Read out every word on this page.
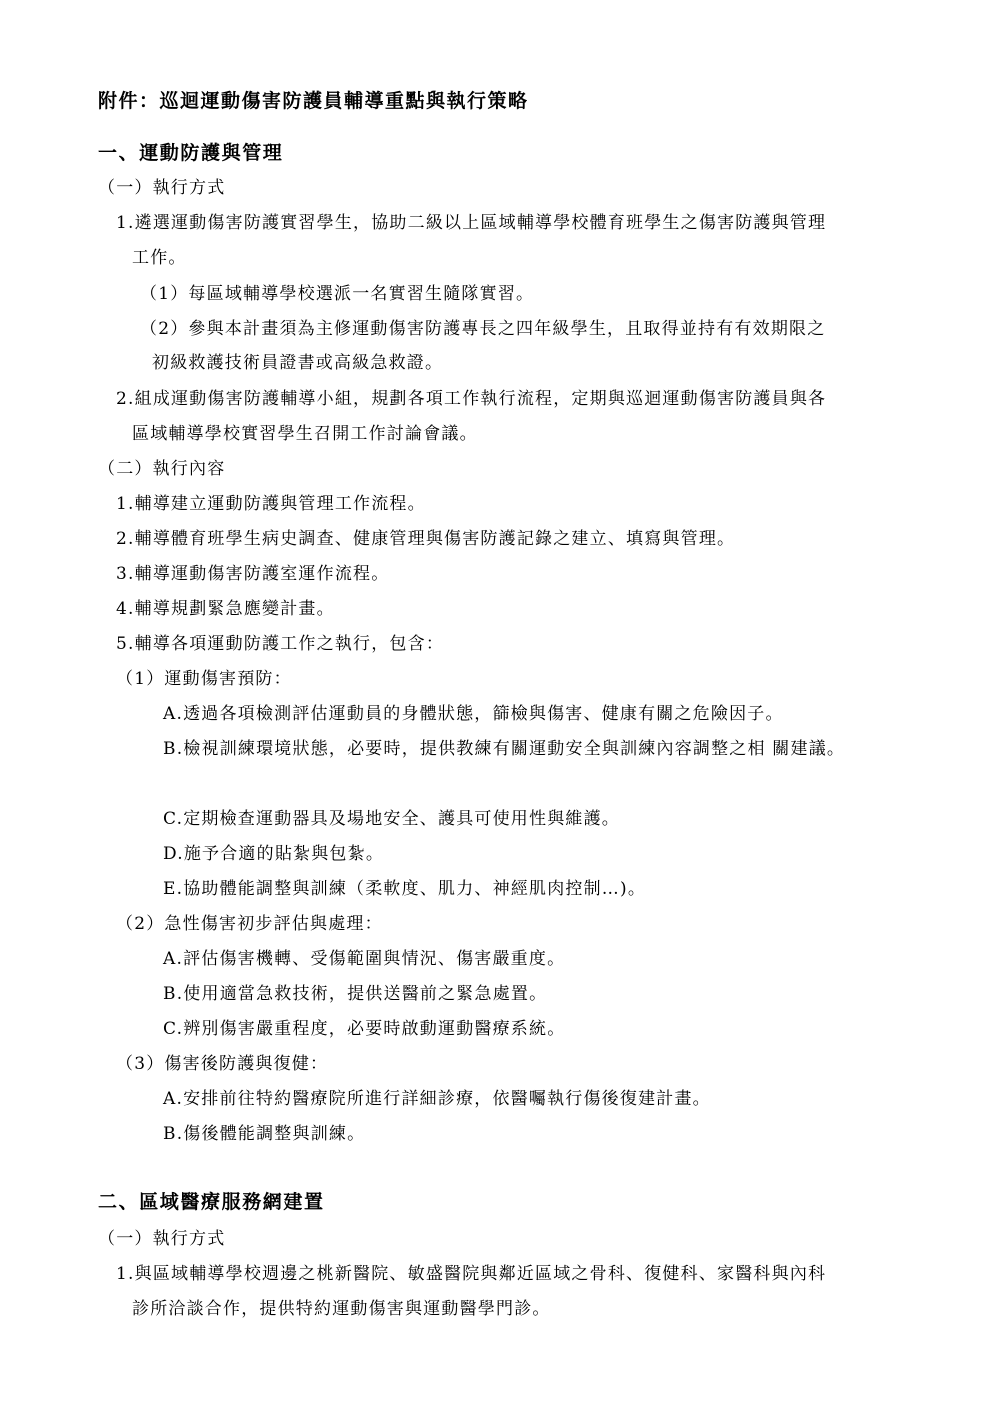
附件：巡迴運動傷害防護員輔導重點與執行策略
一、運動防護與管理
（一）執行方式
1.遴選運動傷害防護實習學生，協助二級以上區域輔導學校體育班學生之傷害防護與管理
工作。
（1）每區域輔導學校選派一名實習生隨隊實習。
（2）參與本計畫須為主修運動傷害防護專長之四年級學生，且取得並持有有效期限之
初級救護技術員證書或高級急救證。
2.組成運動傷害防護輔導小組，規劃各項工作執行流程，定期與巡迴運動傷害防護員與各
區域輔導學校實習學生召開工作討論會議。
（二）執行內容
1.輔導建立運動防護與管理工作流程。
2.輔導體育班學生病史調查、健康管理與傷害防護記錄之建立、填寫與管理。
3.輔導運動傷害防護室運作流程。
4.輔導規劃緊急應變計畫。
5.輔導各項運動防護工作之執行，包含：
（1）運動傷害預防：
A.透過各項檢測評估運動員的身體狀態，篩檢與傷害、健康有關之危險因子。
B.檢視訓練環境狀態，必要時，提供教練有關運動安全與訓練內容調整之相 關建議。
C.定期檢查運動器具及場地安全、護具可使用性與維護。
D.施予合適的貼紮與包紮。
E.協助體能調整與訓練（柔軟度、肌力、神經肌肉控制…)。
（2）急性傷害初步評估與處理：
A.評估傷害機轉、受傷範圍與情況、傷害嚴重度。
B.使用適當急救技術，提供送醫前之緊急處置。
C.辨別傷害嚴重程度，必要時啟動運動醫療系統。
（3）傷害後防護與復健：
A.安排前往特約醫療院所進行詳細診療，依醫囑執行傷後復建計畫。
B.傷後體能調整與訓練。
二、區域醫療服務網建置
（一）執行方式
1.與區域輔導學校週邊之桃新醫院、敏盛醫院與鄰近區域之骨科、復健科、家醫科與內科
診所洽談合作，提供特約運動傷害與運動醫學門診。
